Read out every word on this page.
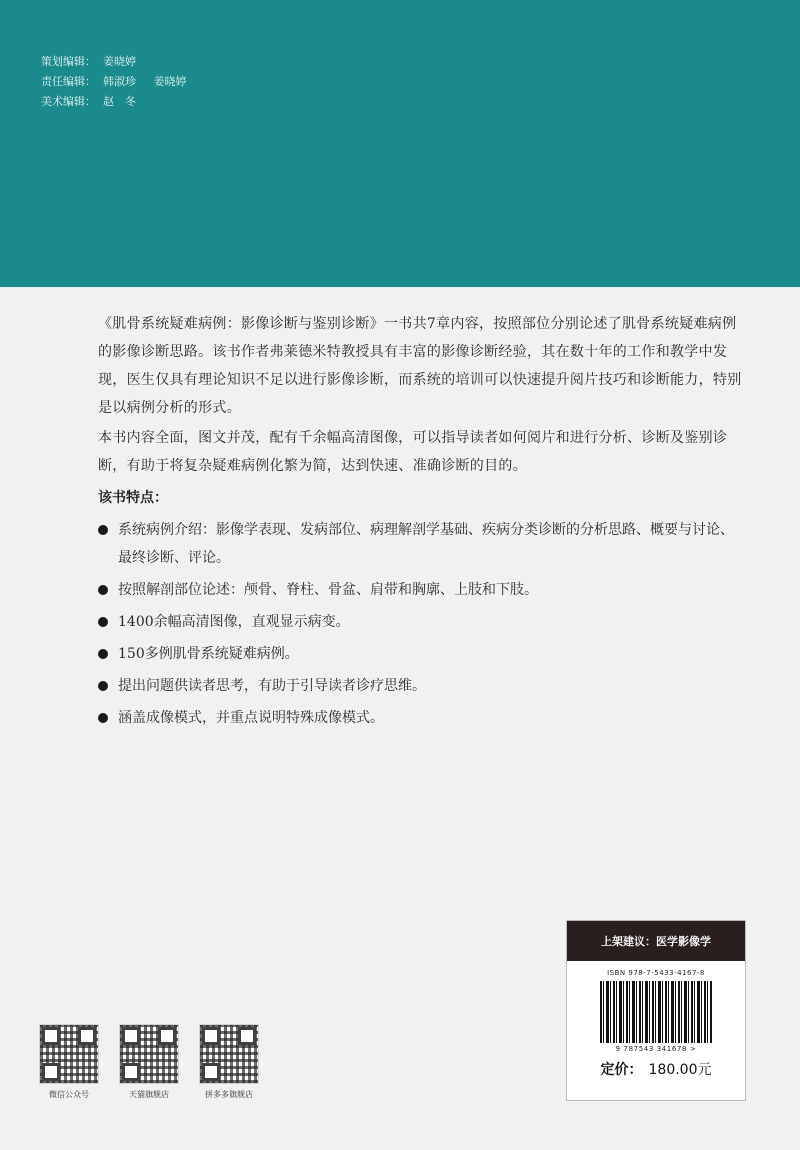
策划编辑： 姜晓婷
责任编辑： 韩淑珍 姜晓婷
美术编辑： 赵　冬

《肌骨系统疑难病例：影像诊断与鉴别诊断》一书共7章内容，按照部位分别论述了肌骨系统疑难病例的影像诊断思路。该书作者弗莱德米特教授具有丰富的影像诊断经验，其在数十年的工作和教学中发现，医生仅具有理论知识不足以进行影像诊断，而系统的培训可以快速提升阅片技巧和诊断能力，特别是以病例分析的形式。

本书内容全面，图文并茂，配有千余幅高清图像，可以指导读者如何阅片和进行分析、诊断及鉴别诊断，有助于将复杂疑难病例化繁为简，达到快速、准确诊断的目的。

该书特点：
系统病例介绍：影像学表现、发病部位、病理解剖学基础、疾病分类诊断的分析思路、概要与讨论、最终诊断、评论。
按照解剖部位论述：颅骨、脊柱、骨盆、肩带和胸廓、上肢和下肢。
1400余幅高清图像，直观显示病变。
150多例肌骨系统疑难病例。
提出问题供读者思考，有助于引导读者诊疗思维。
涵盖成像模式，并重点说明特殊成像模式。
微信公众号	天猫旗舰店	拼多多旗舰店
上架建议：医学影像学
ISBN 978-7-5433-4167-8
9 787543 341678 >
定价： 180.00元
